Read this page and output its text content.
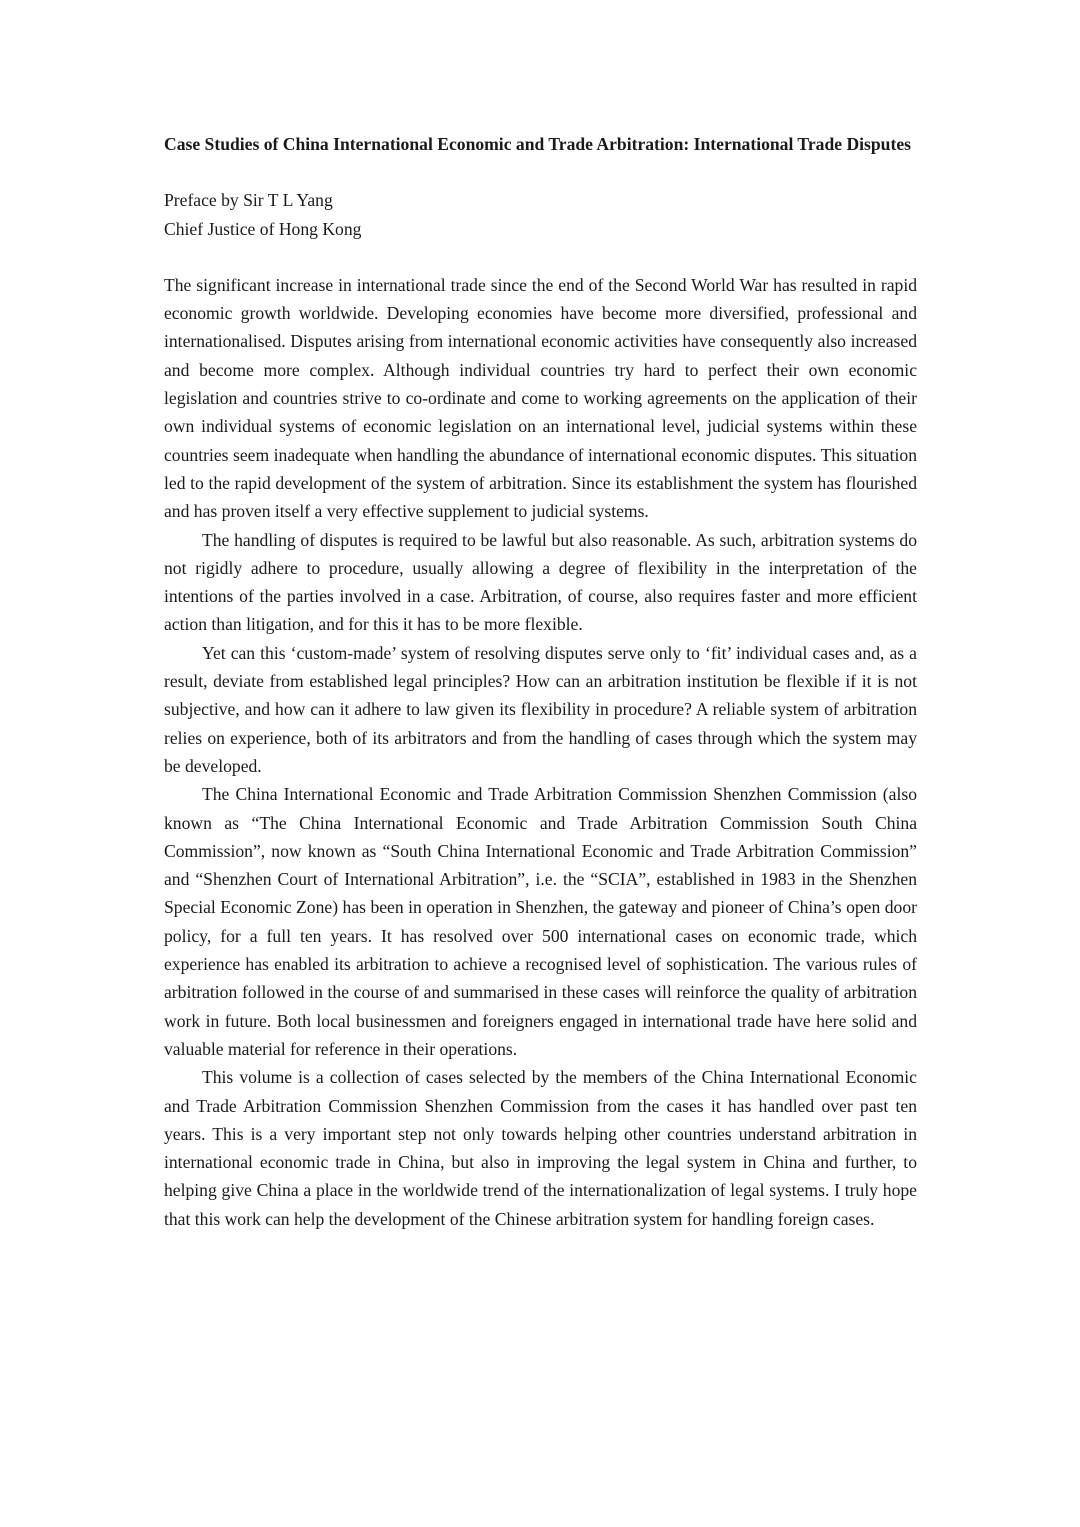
Case Studies of China International Economic and Trade Arbitration: International Trade Disputes

Preface by Sir T L Yang

Chief Justice of Hong Kong

The significant increase in international trade since the end of the Second World War has resulted in rapid economic growth worldwide. Developing economies have become more diversified, professional and internationalised. Disputes arising from international economic activities have consequently also increased and become more complex. Although individual countries try hard to perfect their own economic legislation and countries strive to co-ordinate and come to working agreements on the application of their own individual systems of economic legislation on an international level, judicial systems within these countries seem inadequate when handling the abundance of international economic disputes. This situation led to the rapid development of the system of arbitration. Since its establishment the system has flourished and has proven itself a very effective supplement to judicial systems.

The handling of disputes is required to be lawful but also reasonable. As such, arbitration systems do not rigidly adhere to procedure, usually allowing a degree of flexibility in the interpretation of the intentions of the parties involved in a case. Arbitration, of course, also requires faster and more efficient action than litigation, and for this it has to be more flexible.

Yet can this ‘custom-made’ system of resolving disputes serve only to ‘fit’ individual cases and, as a result, deviate from established legal principles? How can an arbitration institution be flexible if it is not subjective, and how can it adhere to law given its flexibility in procedure? A reliable system of arbitration relies on experience, both of its arbitrators and from the handling of cases through which the system may be developed.

The China International Economic and Trade Arbitration Commission Shenzhen Commission (also known as “The China International Economic and Trade Arbitration Commission South China Commission”, now known as “South China International Economic and Trade Arbitration Commission” and “Shenzhen Court of International Arbitration”, i.e. the “SCIA”, established in 1983 in the Shenzhen Special Economic Zone) has been in operation in Shenzhen, the gateway and pioneer of China’s open door policy, for a full ten years. It has resolved over 500 international cases on economic trade, which experience has enabled its arbitration to achieve a recognised level of sophistication. The various rules of arbitration followed in the course of and summarised in these cases will reinforce the quality of arbitration work in future. Both local businessmen and foreigners engaged in international trade have here solid and valuable material for reference in their operations.

This volume is a collection of cases selected by the members of the China International Economic and Trade Arbitration Commission Shenzhen Commission from the cases it has handled over past ten years. This is a very important step not only towards helping other countries understand arbitration in international economic trade in China, but also in improving the legal system in China and further, to helping give China a place in the worldwide trend of the internationalization of legal systems. I truly hope that this work can help the development of the Chinese arbitration system for handling foreign cases.
